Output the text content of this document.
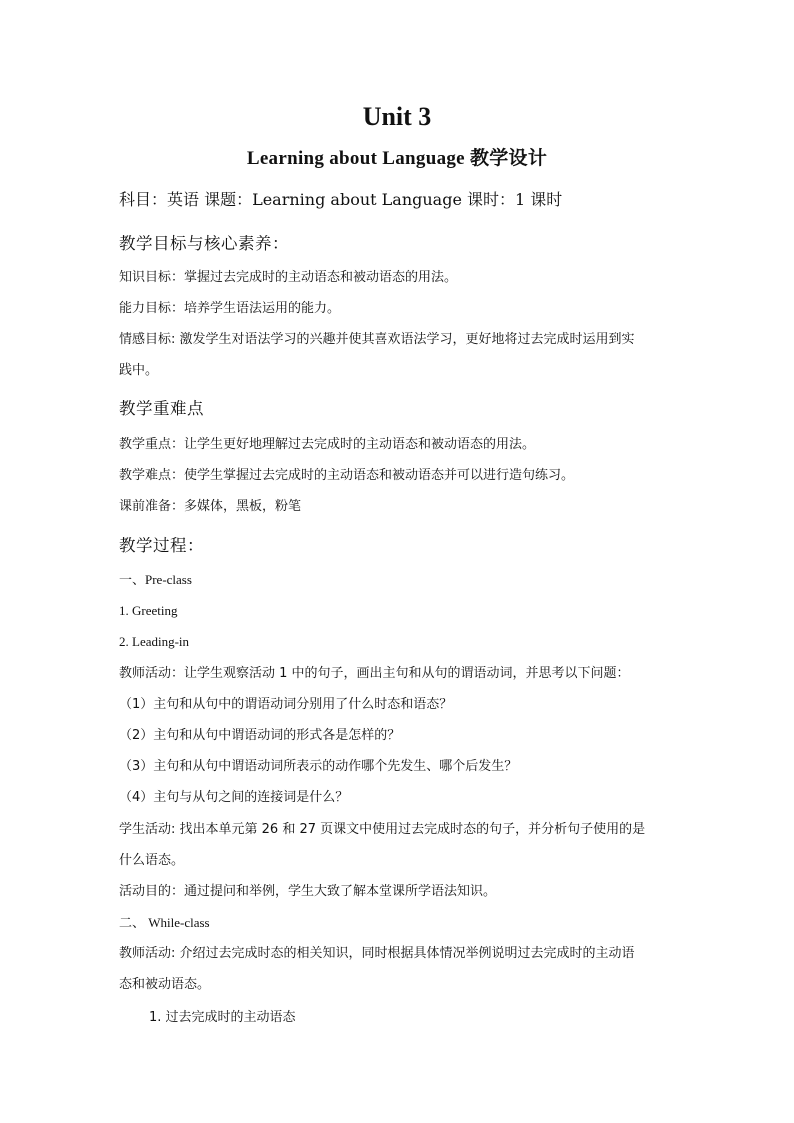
Unit 3
Learning about Language 教学设计

科目：英语 课题：Learning about Language 课时：1 课时

教学目标与核心素养：

知识目标：掌握过去完成时的主动语态和被动语态的用法。

能力目标：培养学生语法运用的能力。

情感目标: 激发学生对语法学习的兴趣并使其喜欢语法学习，更好地将过去完成时运用到实

践中。

教学重难点

教学重点：让学生更好地理解过去完成时的主动语态和被动语态的用法。

教学难点：使学生掌握过去完成时的主动语态和被动语态并可以进行造句练习。

课前准备：多媒体，黑板，粉笔

教学过程：

一、Pre-class

1. Greeting

2. Leading-in

教师活动：让学生观察活动 1 中的句子，画出主句和从句的谓语动词，并思考以下问题：

（1）主句和从句中的谓语动词分别用了什么时态和语态？

（2）主句和从句中谓语动词的形式各是怎样的？

（3）主句和从句中谓语动词所表示的动作哪个先发生、哪个后发生？

（4）主句与从句之间的连接词是什么？

学生活动: 找出本单元第 26 和 27 页课文中使用过去完成时态的句子，并分析句子使用的是

什么语态。

活动目的：通过提问和举例，学生大致了解本堂课所学语法知识。

二、 While-class

教师活动: 介绍过去完成时态的相关知识，同时根据具体情况举例说明过去完成时的主动语

态和被动语态。

1. 过去完成时的主动语态
